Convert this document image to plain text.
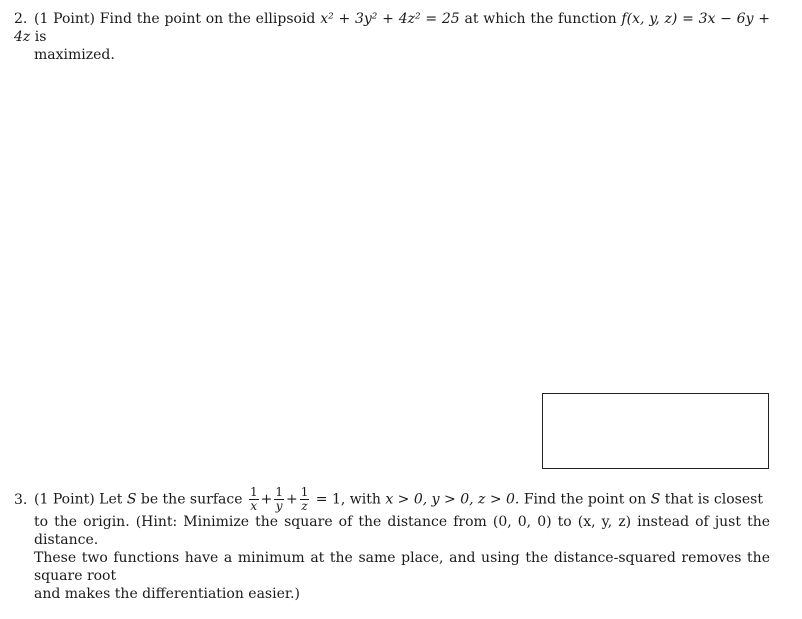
2. (1 Point) Find the point on the ellipsoid x² + 3y² + 4z² = 25 at which the function f(x, y, z) = 3x − 6y + 4z is
maximized.
3. (1 Point) Let S be the surface $\frac{1}{x} + \frac{1}{y} + \frac{1}{z} = 1$, with x > 0, y > 0, z > 0. Find the point on S that is closest
to the origin. (Hint: Minimize the square of the distance from (0, 0, 0) to (x, y, z) instead of just the distance.
These two functions have a minimum at the same place, and using the distance-squared removes the square root
and makes the differentiation easier.)
